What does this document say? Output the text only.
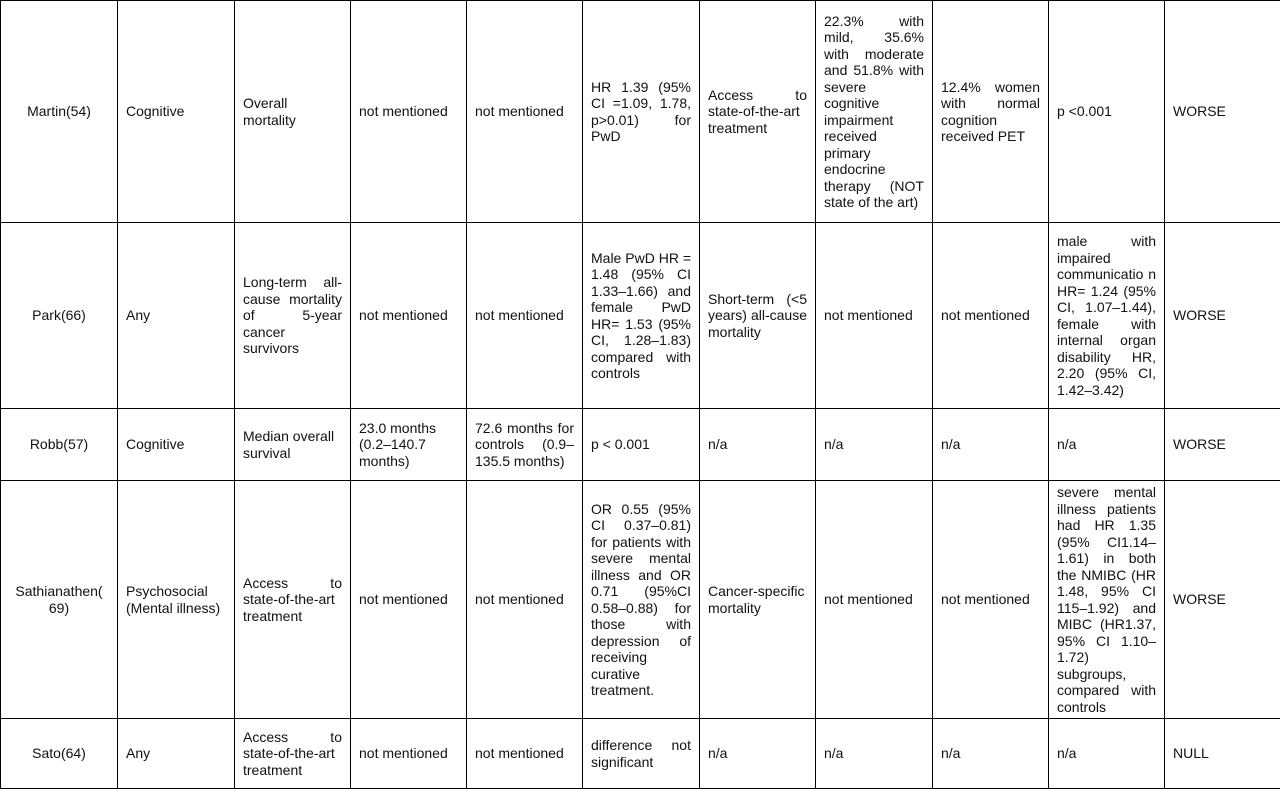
Martin(54)	Cognitive	Overall mortality	not mentioned	not mentioned	HR 1.39 (95% CI =1.09, 1.78, p>0.01) for PwD	Access to state-of-the-art treatment	22.3% with mild, 35.6% with moderate and 51.8% with severe cognitive impairment received primary endocrine therapy (NOT state of the art)	12.4% women with normal cognition received PET	p <0.001	WORSE
Park(66)	Any	Long-term all-cause mortality of 5-year cancer survivors	not mentioned	not mentioned	Male PwD HR = 1.48 (95% CI 1.33–1.66) and female PwD HR= 1.53 (95% CI, 1.28–1.83) compared with controls	Short-term (<5 years) all-cause mortality	not mentioned	not mentioned	male with impaired communicatio n HR= 1.24 (95% CI, 1.07–1.44), female with internal organ disability HR, 2.20 (95% CI, 1.42–3.42)	WORSE
Robb(57)	Cognitive	Median overall survival	23.0 months (0.2–140.7 months)	72.6 months for controls (0.9–135.5 months)	p < 0.001	n/a	n/a	n/a	n/a	WORSE
Sathianathen( 69)	Psychosocial (Mental illness)	Access to state-of-the-art treatment	not mentioned	not mentioned	OR 0.55 (95% CI 0.37–0.81) for patients with severe mental illness and OR 0.71 (95%CI 0.58–0.88) for those with depression of receiving curative treatment.	Cancer-specific mortality	not mentioned	not mentioned	severe mental illness patients had HR 1.35 (95% CI1.14–1.61) in both the NMIBC (HR 1.48, 95% CI 115–1.92) and MIBC (HR1.37, 95% CI 1.10–1.72) subgroups, compared with controls	WORSE
Sato(64)	Any	Access to state-of-the-art treatment	not mentioned	not mentioned	difference not significant	n/a	n/a	n/a	n/a	NULL
